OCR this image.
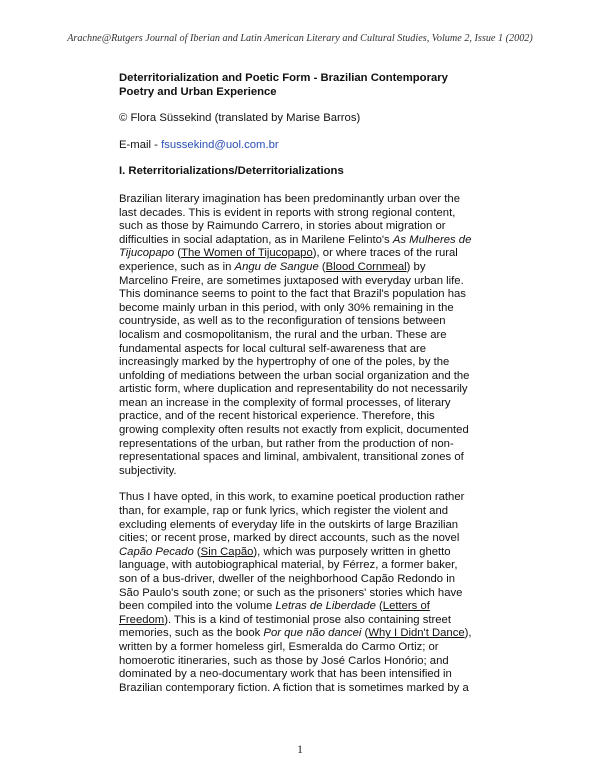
Arachne@Rutgers Journal of Iberian and Latin American Literary and Cultural Studies, Volume 2, Issue 1 (2002)
Deterritorialization and Poetic Form - Brazilian Contemporary
Poetry and Urban Experience
© Flora Süssekind (translated by Marise Barros)
E-mail - fsussekind@uol.com.br
I. Reterritorializations/Deterritorializations
Brazilian literary imagination has been predominantly urban over the
last decades. This is evident in reports with strong regional content,
such as those by Raimundo Carrero, in stories about migration or
difficulties in social adaptation, as in Marilene Felinto's As Mulheres de
Tijucopapo (The Women of Tijucopapo), or where traces of the rural
experience, such as in Angu de Sangue (Blood Cornmeal) by
Marcelino Freire, are sometimes juxtaposed with everyday urban life.
This dominance seems to point to the fact that Brazil's population has
become mainly urban in this period, with only 30% remaining in the
countryside, as well as to the reconfiguration of tensions between
localism and cosmopolitanism, the rural and the urban. These are
fundamental aspects for local cultural self-awareness that are
increasingly marked by the hypertrophy of one of the poles, by the
unfolding of mediations between the urban social organization and the
artistic form, where duplication and representability do not necessarily
mean an increase in the complexity of formal processes, of literary
practice, and of the recent historical experience. Therefore, this
growing complexity often results not exactly from explicit, documented
representations of the urban, but rather from the production of non-
representational spaces and liminal, ambivalent, transitional zones of
subjectivity.
Thus I have opted, in this work, to examine poetical production rather
than, for example, rap or funk lyrics, which register the violent and
excluding elements of everyday life in the outskirts of large Brazilian
cities; or recent prose, marked by direct accounts, such as the novel
Capão Pecado (Sin Capão), which was purposely written in ghetto
language, with autobiographical material, by Férrez, a former baker,
son of a bus-driver, dweller of the neighborhood Capão Redondo in
São Paulo's south zone; or such as the prisoners' stories which have
been compiled into the volume Letras de Liberdade (Letters of
Freedom). This is a kind of testimonial prose also containing street
memories, such as the book Por que não dancei (Why I Didn't Dance),
written by a former homeless girl, Esmeralda do Carmo Ortiz; or
homoerotic itineraries, such as those by José Carlos Honório; and
dominated by a neo-documentary work that has been intensified in
Brazilian contemporary fiction. A fiction that is sometimes marked by a
1
